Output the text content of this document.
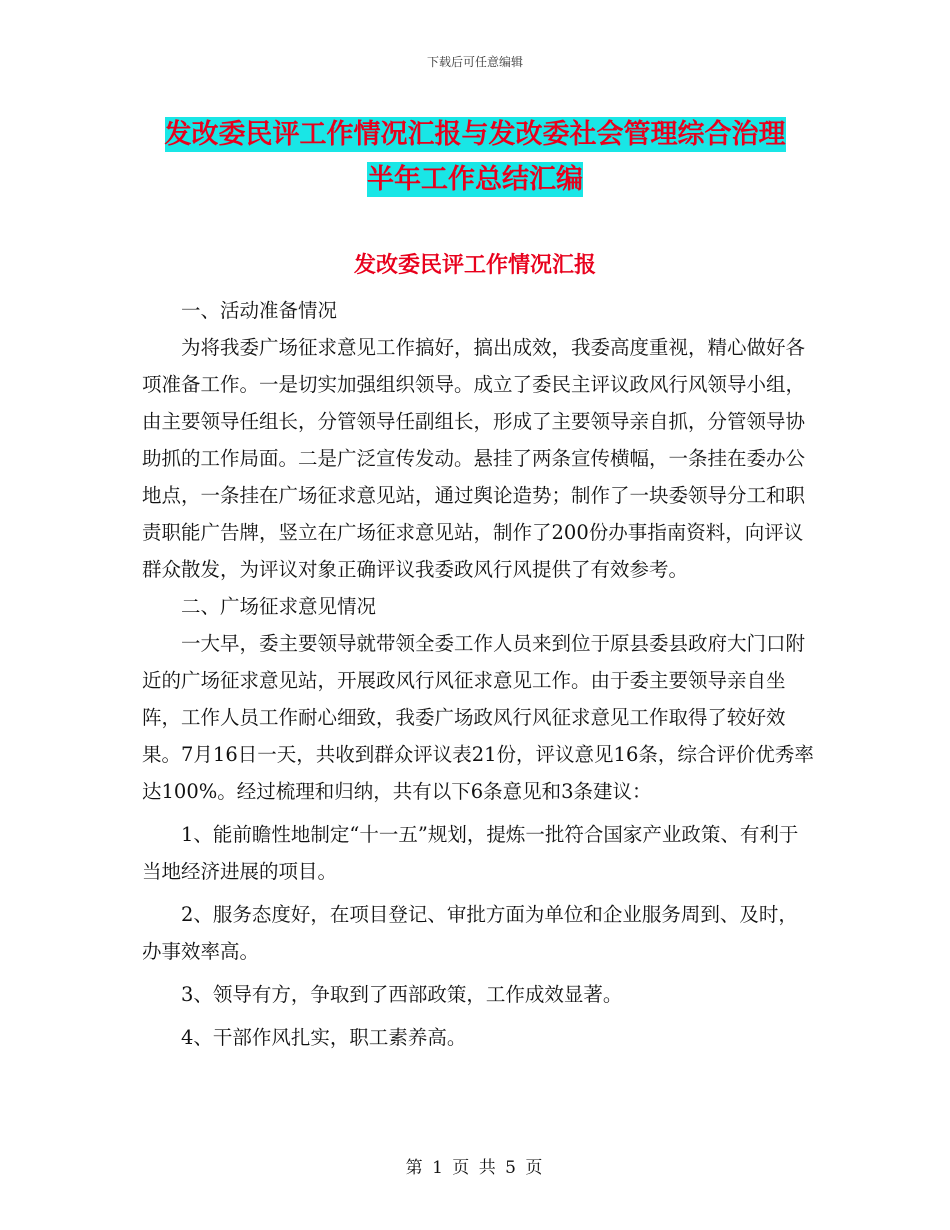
下载后可任意编辑
发改委民评工作情况汇报与发改委社会管理综合治理
半年工作总结汇编
发改委民评工作情况汇报

一、活动准备情况

为将我委广场征求意见工作搞好，搞出成效，我委高度重视，精心做好各项准备工作。一是切实加强组织领导。成立了委民主评议政风行风领导小组，由主要领导任组长，分管领导任副组长，形成了主要领导亲自抓，分管领导协助抓的工作局面。二是广泛宣传发动。悬挂了两条宣传横幅，一条挂在委办公地点，一条挂在广场征求意见站，通过舆论造势；制作了一块委领导分工和职责职能广告牌，竖立在广场征求意见站，制作了200份办事指南资料，向评议群众散发，为评议对象正确评议我委政风行风提供了有效参考。

二、广场征求意见情况

一大早，委主要领导就带领全委工作人员来到位于原县委县政府大门口附近的广场征求意见站，开展政风行风征求意见工作。由于委主要领导亲自坐阵，工作人员工作耐心细致，我委广场政风行风征求意见工作取得了较好效果。7月16日一天，共收到群众评议表21份，评议意见16条，综合评价优秀率达100%。经过梳理和归纳，共有以下6条意见和3条建议：

1、能前瞻性地制定“十一五”规划，提炼一批符合国家产业政策、有利于当地经济进展的项目。

2、服务态度好，在项目登记、审批方面为单位和企业服务周到、及时，办事效率高。

3、领导有方，争取到了西部政策，工作成效显著。

4、干部作风扎实，职工素养高。

第 1 页 共 5 页
